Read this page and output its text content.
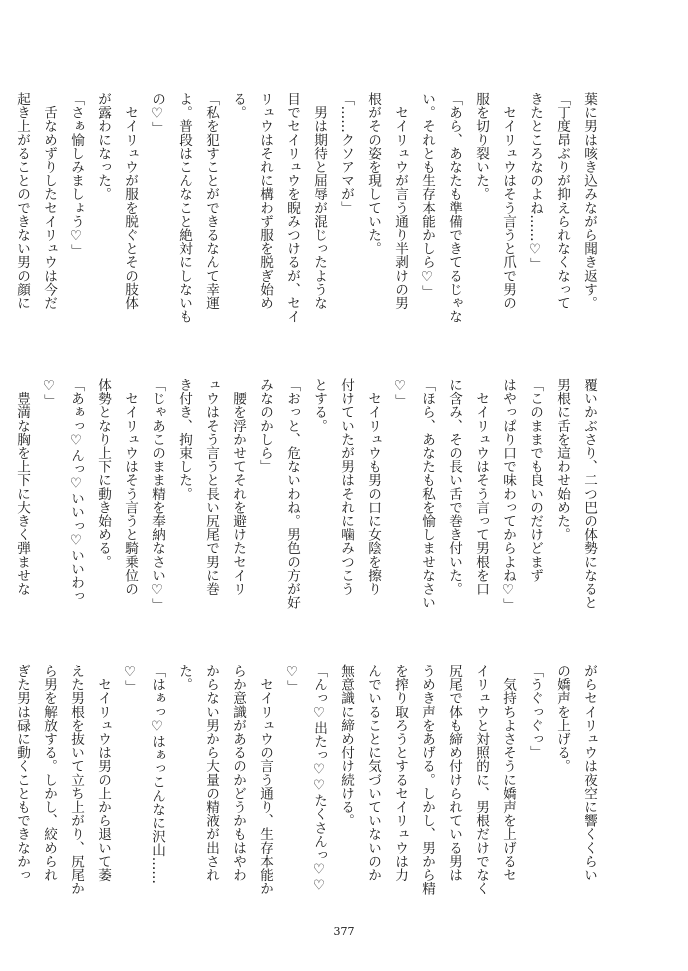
葉に男は咳き込みながら聞き返す。
「丁度昂ぶりが抑えられなくなって
きたところなのよね……♡」
　セイリュウはそう言うと爪で男の
服を切り裂いた。
「あら、あなたも準備できてるじゃな
い。それとも生存本能かしら♡」
　セイリュウが言う通り半剥けの男
根がその姿を現していた。
「……クソアマが」
　男は期待と屈辱が混じったような
目でセイリュウを睨みつけるが、セイ
リュウはそれに構わず服を脱ぎ始め
る。
「私を犯すことができるなんて幸運
よ。普段はこんなこと絶対にしないも
の♡」
　セイリュウが服を脱ぐとその肢体
が露わになった。
「さぁ愉しみましょう♡」
　舌なめずりしたセイリュウは今だ
起き上がることのできない男の顔に
覆いかぶさり、二つ巴の体勢になると
男根に舌を這わせ始めた。
「このままでも良いのだけどまず
はやっぱり口で味わってからよね♡」
　セイリュウはそう言って男根を口
に含み、その長い舌で巻き付いた。
「ほら、あなたも私を愉しませなさい
♡」
　セイリュウも男の口に女陰を擦り
付けていたが男はそれに噛みつこう
とする。
「おっと、危ないわね。男色の方が好
みなのかしら」
　腰を浮かせてそれを避けたセイリ
ュウはそう言うと長い尻尾で男に巻
き付き、拘束した。
「じゃあこのまま精を奉納なさい♡」
　セイリュウはそう言うと騎乗位の
体勢となり上下に動き始める。
「あぁっ♡んっ♡いいっ♡いいわっ
♡」
　豊満な胸を上下に大きく弾ませな
がらセイリュウは夜空に響くくらい
の嬌声を上げる。
「うぐっぐっ」
　気持ちよさそうに嬌声を上げるセ
イリュウと対照的に、男根だけでなく
尻尾で体も締め付けられている男は
うめき声をあげる。しかし、男から精
を搾り取ろうとするセイリュウは力
んでいることに気づいていないのか
無意識に締め付け続ける。
「んっ♡出たっ♡♡たくさんっ♡♡
♡」
　セイリュウの言う通り、生存本能か
らか意識があるのかどうかもはやわ
からない男から大量の精液が出され
た。
「はぁっ♡はぁっこんなに沢山……
♡」
　セイリュウは男の上から退いて萎
えた男根を抜いて立ち上がり、尻尾か
ら男を解放する。しかし、絞められ
ぎた男は碌に動くこともできなかっ
377
